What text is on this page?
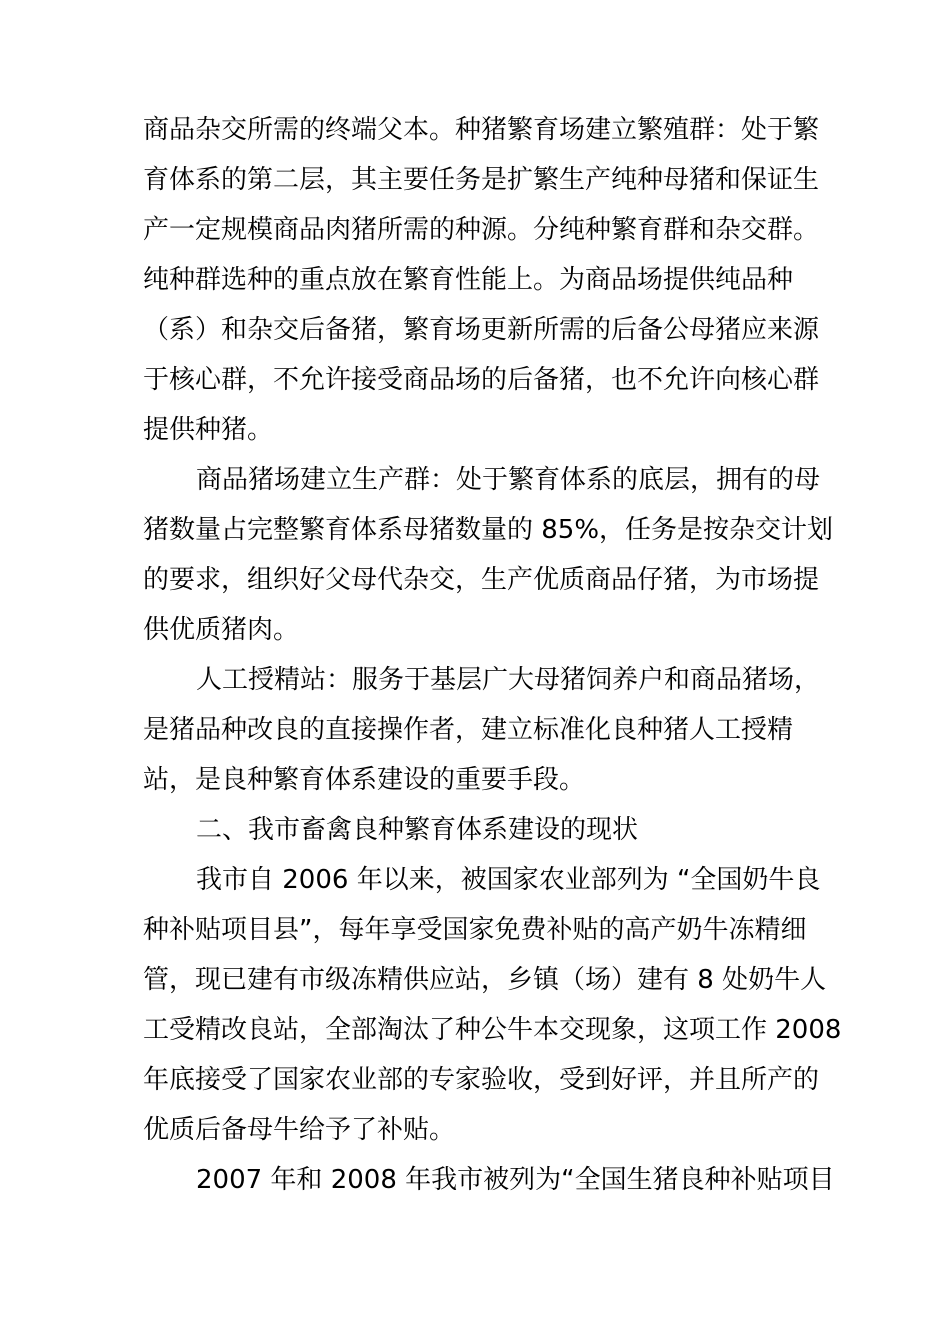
商品杂交所需的终端父本。种猪繁育场建立繁殖群：处于繁
育体系的第二层，其主要任务是扩繁生产纯种母猪和保证生
产一定规模商品肉猪所需的种源。分纯种繁育群和杂交群。
纯种群选种的重点放在繁育性能上。为商品场提供纯品种
（系）和杂交后备猪，繁育场更新所需的后备公母猪应来源
于核心群，不允许接受商品场的后备猪，也不允许向核心群
提供种猪。
商品猪场建立生产群：处于繁育体系的底层，拥有的母
猪数量占完整繁育体系母猪数量的 85%，任务是按杂交计划
的要求，组织好父母代杂交，生产优质商品仔猪，为市场提
供优质猪肉。
人工授精站：服务于基层广大母猪饲养户和商品猪场，
是猪品种改良的直接操作者，建立标准化良种猪人工授精
站，是良种繁育体系建设的重要手段。
二、我市畜禽良种繁育体系建设的现状
我市自 2006 年以来，被国家农业部列为 “全国奶牛良
种补贴项目县”，每年享受国家免费补贴的高产奶牛冻精细
管，现已建有市级冻精供应站，乡镇（场）建有 8 处奶牛人
工受精改良站，全部淘汰了种公牛本交现象，这项工作 2008
年底接受了国家农业部的专家验收，受到好评，并且所产的
优质后备母牛给予了补贴。
2007 年和 2008 年我市被列为“全国生猪良种补贴项目
